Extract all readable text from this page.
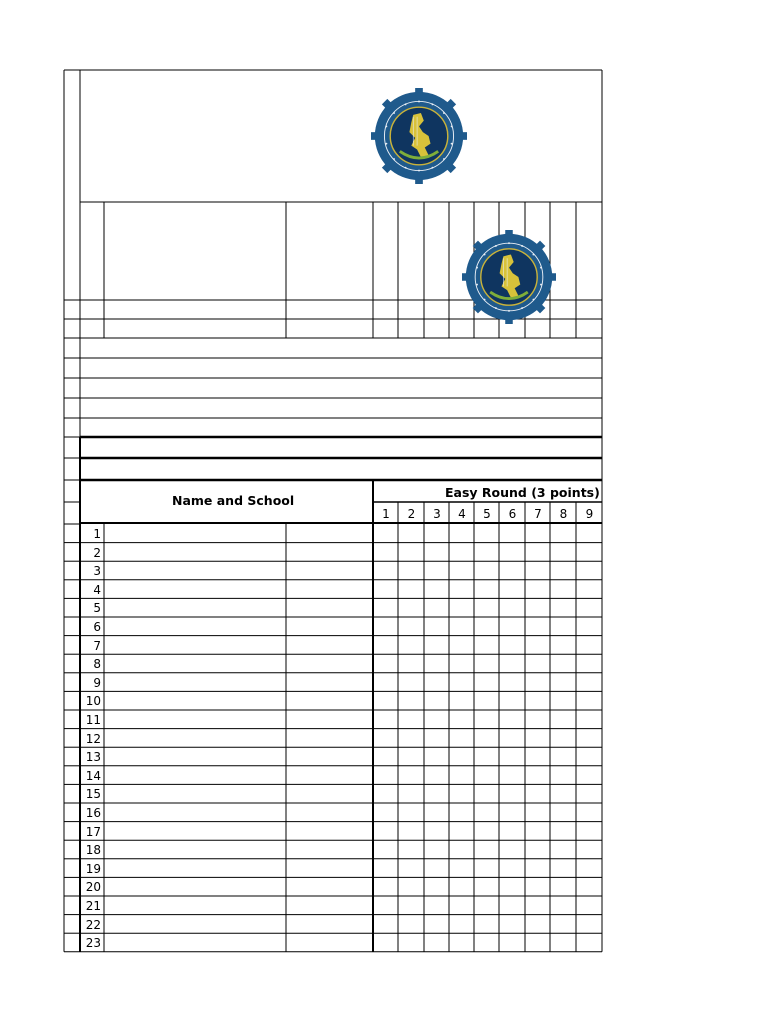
Name and School
Easy Round (3 points)
1	2	3	4	5	6	7	8	9
1
2
3
4
5
6
7
8
9
10
11
12
13
14
15
16
17
18
19
20
21
22
23
